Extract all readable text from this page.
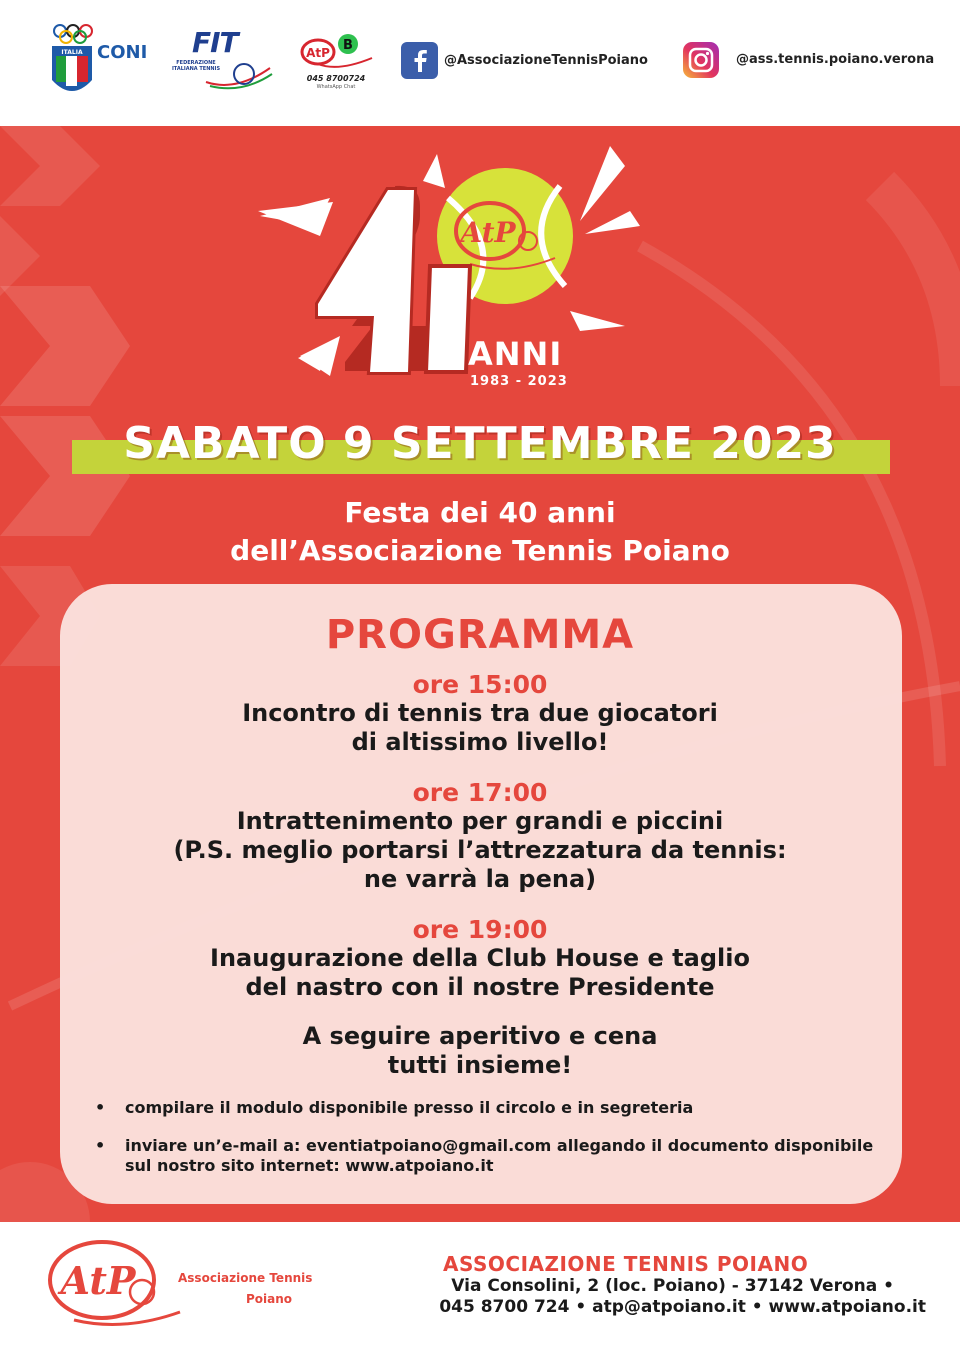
ITALIA CONI FIT
FEDERAZIONE ITALIANA TENNIS
AtP B
045 8700724
WhatsApp Chat
@AssociazioneTennisPoiano	@ass.tennis.poiano.verona
AtP
ANNI
1983 - 2023
SABATO 9 SETTEMBRE 2023
Festa dei 40 anni
dell’Associazione Tennis Poiano
PROGRAMMA
ore 15:00
Incontro di tennis tra due giocatori
di altissimo livello!
ore 17:00
Intrattenimento per grandi e piccini
(P.S. meglio portarsi l’attrezzatura da tennis:
ne varrà la pena)
ore 19:00
Inaugurazione della Club House e taglio
del nastro con il nostre Presidente
A seguire aperitivo e cena
tutti insieme!
• compilare il modulo disponibile presso il circolo e in segreteria
• inviare un’e-mail a: eventiatpoiano@gmail.com allegando il documento disponibile sul nostro sito internet: www.atpoiano.it
AtP	Associazione Tennis
Poiano
ASSOCIAZIONE TENNIS POIANO
Via Consolini, 2 (loc. Poiano) - 37142 Verona •
045 8700 724 • atp@atpoiano.it • www.atpoiano.it
